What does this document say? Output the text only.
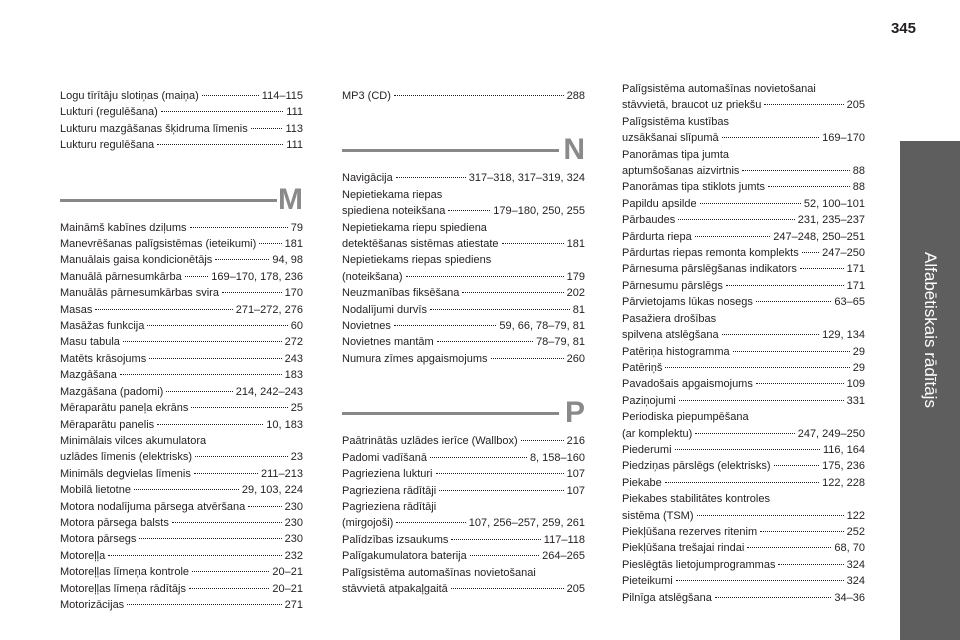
345
Alfabētiskais rādītājs
Logu tīrītāju slotiņas (maiņa)	114–115
Lukturi (regulēšana)	111
Lukturu mazgāšanas šķidruma līmenis	113
Lukturu regulēšana	111
M
Maināmš kabīnes dziļums	79
Manevrēšanas palīgsistēmas (ieteikumi)	181
Manuālais gaisa kondicionētājs	94, 98
Manuālā pārnesumkārba	169–170, 178, 236
Manuālās pārnesumkārbas svira	170
Masas	271–272, 276
Masāžas funkcija	60
Masu tabula	272
Matēts krāsojums	243
Mazgāšana	183
Mazgāšana (padomi)	214, 242–243
Mēraparātu paneļa ekrāns	25
Mēraparātu panelis	10, 183
Minimālais vilces akumulatora
uzlādes līmenis (elektrisks)	23
Minimāls degvielas līmenis	211–213
Mobilā lietotne	29, 103, 224
Motora nodalījuma pārsega atvēršana	230
Motora pārsega balsts	230
Motora pārsegs	230
Motoreļļa	232
Motoreļļas līmeņa kontrole	20–21
Motoreļļas līmeņa rādītājs	20–21
Motorizācijas	271
MP3 (CD)	288
N
Navigācija	317–318, 317–319, 324
Nepietiekama riepas
spiediena noteikšana	179–180, 250, 255
Nepietiekama riepu spiediena
detektēšanas sistēmas atiestate	181
Nepietiekams riepas spiediens
(noteikšana)	179
Neuzmanības fiksēšana	202
Nodalījumi durvīs	81
Novietnes	59, 66, 78–79, 81
Novietnes mantām	78–79, 81
Numura zīmes apgaismojums	260
P
Paātrinātās uzlādes ierīce (Wallbox)	216
Padomi vadīšanā	8, 158–160
Pagrieziena lukturi	107
Pagrieziena rādītāji	107
Pagrieziena rādītāji
(mirgojoši)	107, 256–257, 259, 261
Palīdzības izsaukums	117–118
Palīgakumulatora baterija	264–265
Palīgsistēma automašīnas novietošanai
stāvvietā atpakaļgaitā	205
Palīgsistēma automašīnas novietošanai
stāvvietā, braucot uz priekšu	205
Palīgsistēma kustības
uzsākšanai slīpumā	169–170
Panorāmas tipa jumta
aptumšošanas aizvirtnis	88
Panorāmas tipa stiklots jumts	88
Papildu apsilde	52, 100–101
Pārbaudes	231, 235–237
Pārdurta riepa	247–248, 250–251
Pārdurtas riepas remonta komplekts 247–250
Pārnesuma pārslēgšanas indikators	171
Pārnesumu pārslēgs	171
Pārvietojams lūkas nosegs	63–65
Pasažiera drošības
spilvena atslēgšana	129, 134
Patēriņa histogramma	29
Patēriņš	29
Pavadošais apgaismojums	109
Paziņojumi	331
Periodiska piepumpēšana
(ar komplektu)	247, 249–250
Piederumi	116, 164
Piedziņas pārslēgs (elektrisks)	175, 236
Piekabe	122, 228
Piekabes stabilitātes kontroles
sistēma (TSM)	122
Piekļūšana rezerves ritenim	252
Piekļūšana trešajai rindai	68, 70
Pieslēgtās lietojumprogrammas	324
Pieteikumi	324
Pilnīga atslēgšana	34–36
